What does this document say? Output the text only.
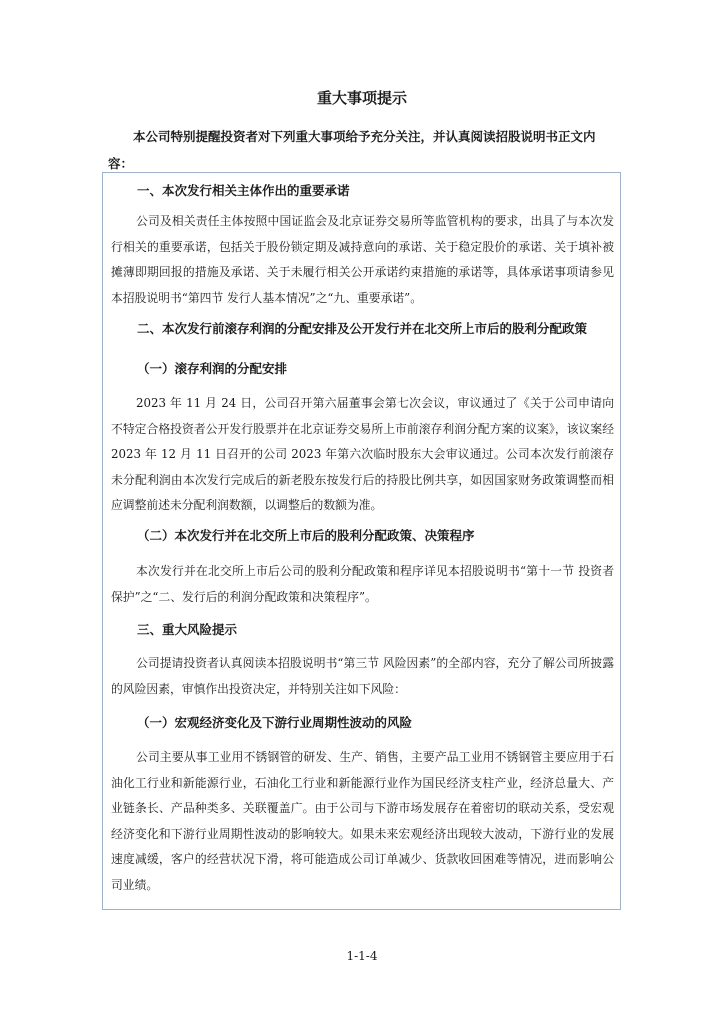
重大事项提示
本公司特别提醒投资者对下列重大事项给予充分关注，并认真阅读招股说明书正文内
容：
一、本次发行相关主体作出的重要承诺
公司及相关责任主体按照中国证监会及北京证券交易所等监管机构的要求，出具了与本次发行相关的重要承诺，包括关于股份锁定期及减持意向的承诺、关于稳定股价的承诺、关于填补被摊薄即期回报的措施及承诺、关于未履行相关公开承诺约束措施的承诺等，具体承诺事项请参见本招股说明书“第四节 发行人基本情况”之“九、重要承诺”。
二、本次发行前滚存利润的分配安排及公开发行并在北交所上市后的股利分配政策
（一）滚存利润的分配安排
2023 年 11 月 24 日，公司召开第六届董事会第七次会议，审议通过了《关于公司申请向不特定合格投资者公开发行股票并在北京证券交易所上市前滚存利润分配方案的议案》，该议案经 2023 年 12 月 11 日召开的公司 2023 年第六次临时股东大会审议通过。公司本次发行前滚存未分配利润由本次发行完成后的新老股东按发行后的持股比例共享，如因国家财务政策调整而相应调整前述未分配利润数额，以调整后的数额为准。
（二）本次发行并在北交所上市后的股利分配政策、决策程序
本次发行并在北交所上市后公司的股利分配政策和程序详见本招股说明书“第十一节 投资者保护”之“二、发行后的利润分配政策和决策程序”。
三、重大风险提示
公司提请投资者认真阅读本招股说明书“第三节 风险因素”的全部内容，充分了解公司所披露的风险因素，审慎作出投资决定，并特别关注如下风险：
（一）宏观经济变化及下游行业周期性波动的风险
公司主要从事工业用不锈钢管的研发、生产、销售，主要产品工业用不锈钢管主要应用于石油化工行业和新能源行业，石油化工行业和新能源行业作为国民经济支柱产业，经济总量大、产业链条长、产品种类多、关联覆盖广。由于公司与下游市场发展存在着密切的联动关系，受宏观经济变化和下游行业周期性波动的影响较大。如果未来宏观经济出现较大波动，下游行业的发展速度减缓，客户的经营状况下滑，将可能造成公司订单减少、货款收回困难等情况，进而影响公司业绩。
1-1-4
